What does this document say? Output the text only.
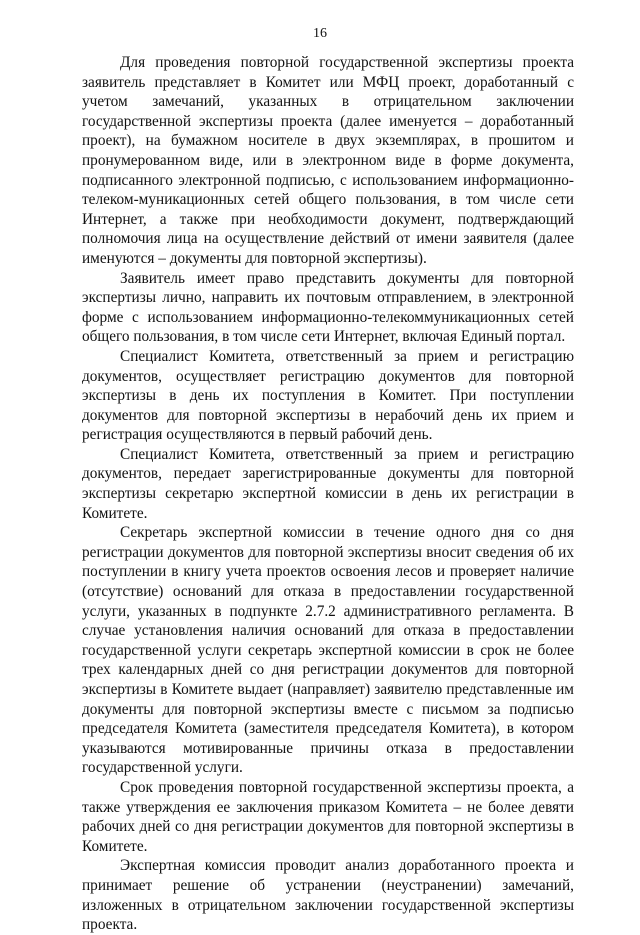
16

Для проведения повторной государственной экспертизы проекта заявитель представляет в Комитет или МФЦ проект, доработанный с учетом замечаний, указанных в отрицательном заключении государственной экспертизы проекта (далее именуется – доработанный проект), на бумажном носителе в двух экземплярах, в прошитом и пронумерованном виде, или в электронном виде в форме документа, подписанного электронной подписью, с использованием информационно-телеком-муникационных сетей общего пользования, в том числе сети Интернет, а также при необходимости документ, подтверждающий полномочия лица на осуществление действий от имени заявителя (далее именуются – документы для повторной экспертизы).

Заявитель имеет право представить документы для повторной экспертизы лично, направить их почтовым отправлением, в электронной форме с использованием информационно-телекоммуникационных сетей общего пользования, в том числе сети Интернет, включая Единый портал.

Специалист Комитета, ответственный за прием и регистрацию документов, осуществляет регистрацию документов для повторной экспертизы в день их поступления в Комитет. При поступлении документов для повторной экспертизы в нерабочий день их прием и регистрация осуществляются в первый рабочий день.

Специалист Комитета, ответственный за прием и регистрацию документов, передает зарегистрированные документы для повторной экспертизы секретарю экспертной комиссии в день их регистрации в Комитете.

Секретарь экспертной комиссии в течение одного дня со дня регистрации документов для повторной экспертизы вносит сведения об их поступлении в книгу учета проектов освоения лесов и проверяет наличие (отсутствие) оснований для отказа в предоставлении государственной услуги, указанных в подпункте 2.7.2 административного регламента. В случае установления наличия оснований для отказа в предоставлении государственной услуги секретарь экспертной комиссии в срок не более трех календарных дней со дня регистрации документов для повторной экспертизы в Комитете выдает (направляет) заявителю представленные им документы для повторной экспертизы вместе с письмом за подписью председателя Комитета (заместителя председателя Комитета), в котором указываются мотивированные причины отказа в предоставлении государственной услуги.

Срок проведения повторной государственной экспертизы проекта, а также утверждения ее заключения приказом Комитета – не более девяти рабочих дней со дня регистрации документов для повторной экспертизы в Комитете.

Экспертная комиссия проводит анализ доработанного проекта и принимает решение об устранении (неустранении) замечаний, изложенных в отрицательном заключении государственной экспертизы проекта.
